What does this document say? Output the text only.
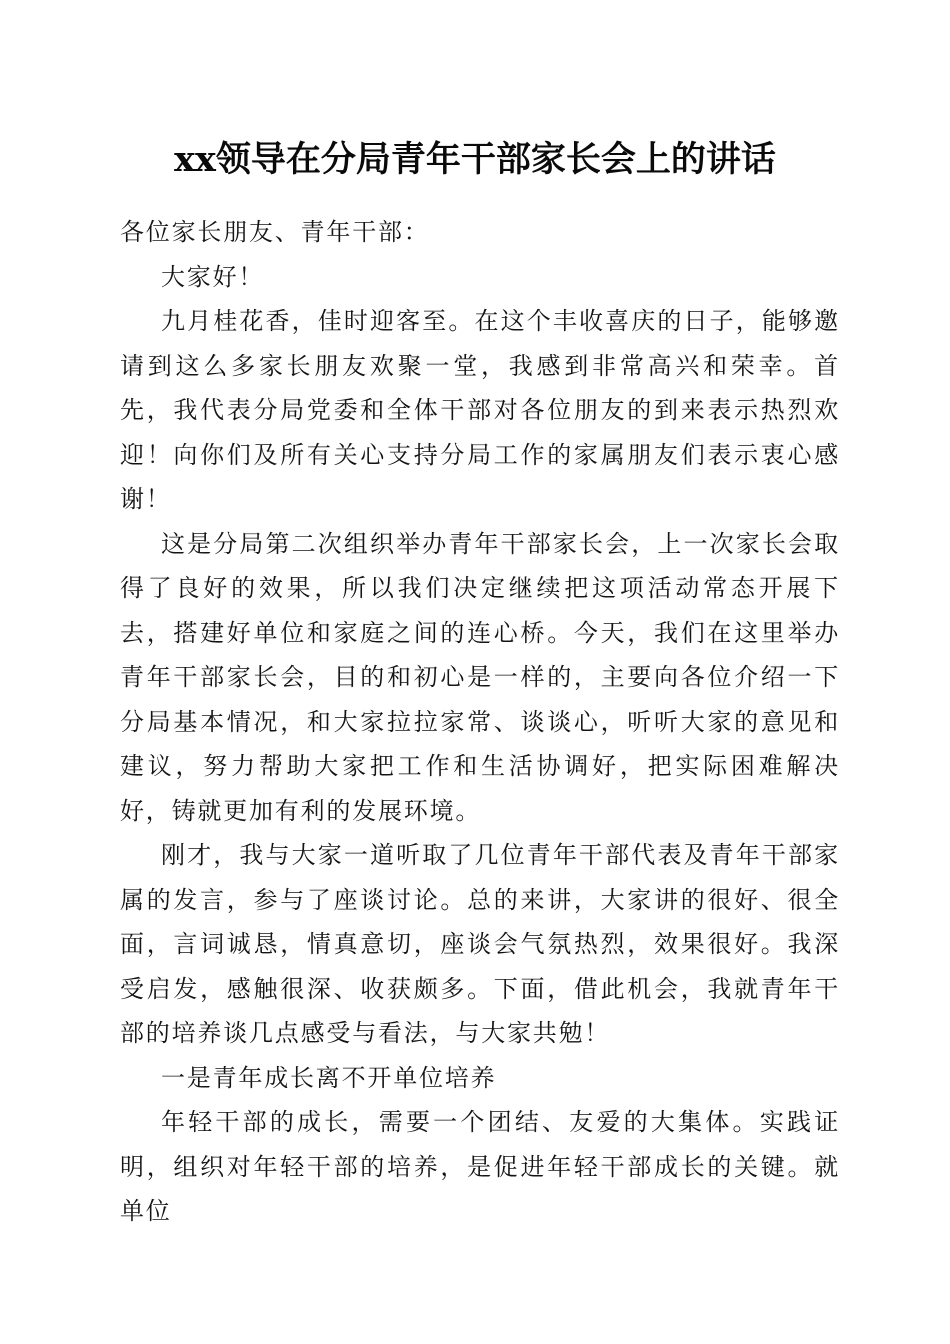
xx领导在分局青年干部家长会上的讲话

各位家长朋友、青年干部：

大家好！

九月桂花香，佳时迎客至。在这个丰收喜庆的日子，能够邀请到这么多家长朋友欢聚一堂，我感到非常高兴和荣幸。首先，我代表分局党委和全体干部对各位朋友的到来表示热烈欢迎！向你们及所有关心支持分局工作的家属朋友们表示衷心感谢！

这是分局第二次组织举办青年干部家长会，上一次家长会取得了良好的效果，所以我们决定继续把这项活动常态开展下去，搭建好单位和家庭之间的连心桥。今天，我们在这里举办青年干部家长会，目的和初心是一样的，主要向各位介绍一下分局基本情况，和大家拉拉家常、谈谈心，听听大家的意见和建议，努力帮助大家把工作和生活协调好，把实际困难解决好，铸就更加有利的发展环境。

刚才，我与大家一道听取了几位青年干部代表及青年干部家属的发言，参与了座谈讨论。总的来讲，大家讲的很好、很全面，言词诚恳，情真意切，座谈会气氛热烈，效果很好。我深受启发，感触很深、收获颇多。下面，借此机会，我就青年干部的培养谈几点感受与看法，与大家共勉！

一是青年成长离不开单位培养

年轻干部的成长，需要一个团结、友爱的大集体。实践证明，组织对年轻干部的培养，是促进年轻干部成长的关键。就单位
